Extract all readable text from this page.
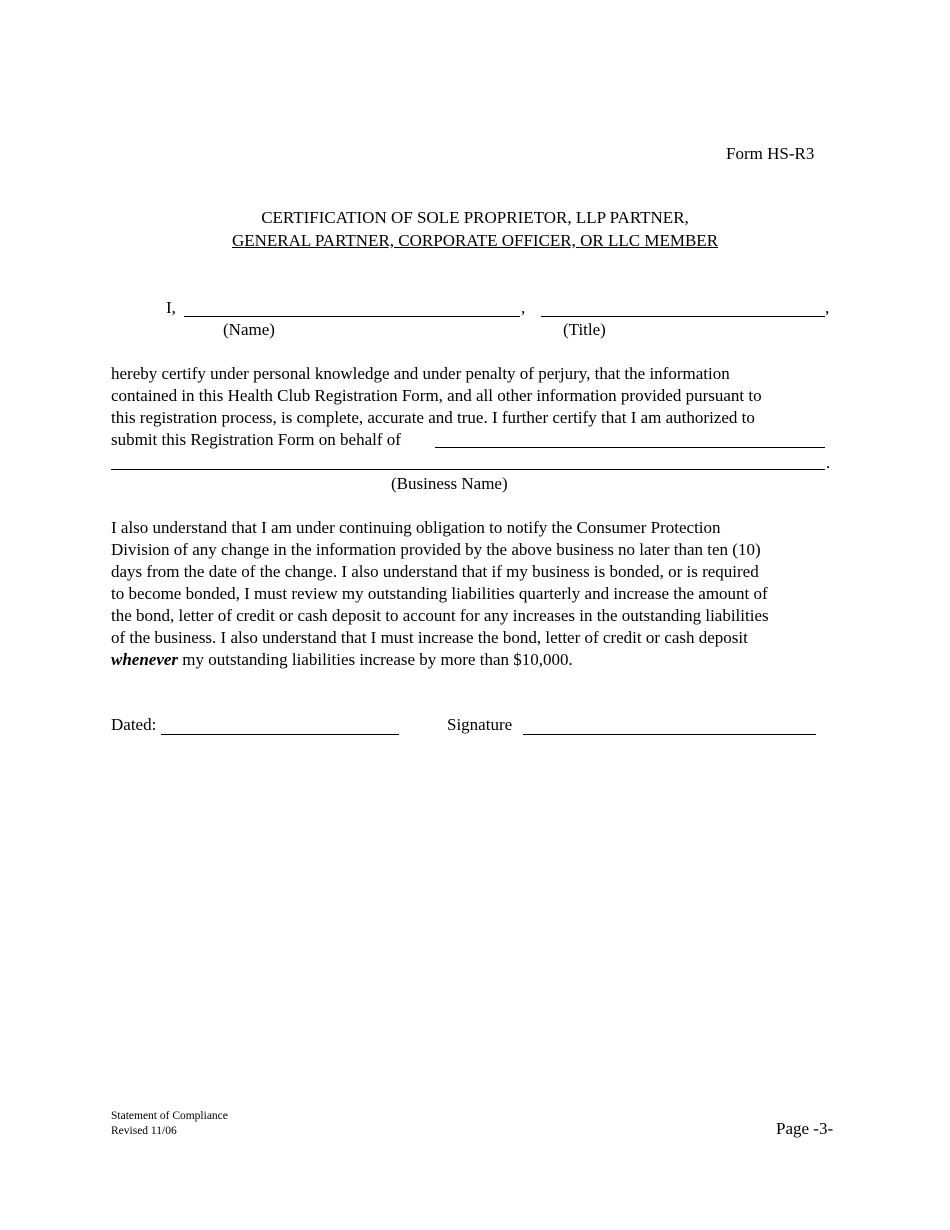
Form HS-R3
CERTIFICATION OF SOLE PROPRIETOR, LLP PARTNER,
GENERAL PARTNER, CORPORATE OFFICER, OR LLC MEMBER
I,	,	,
(Name)	(Title)
hereby certify under personal knowledge and under penalty of perjury, that the information
contained in this Health Club Registration Form, and all other information provided pursuant to
this registration process, is complete, accurate and true. I further certify that I am authorized to
submit this Registration Form on behalf of
.
(Business Name)
I also understand that I am under continuing obligation to notify the Consumer Protection
Division of any change in the information provided by the above business no later than ten (10)
days from the date of the change. I also understand that if my business is bonded, or is required
to become bonded, I must review my outstanding liabilities quarterly and increase the amount of
the bond, letter of credit or cash deposit to account for any increases in the outstanding liabilities
of the business. I also understand that I must increase the bond, letter of credit or cash deposit
whenever my outstanding liabilities increase by more than $10,000.
Dated:	Signature
Statement of Compliance
Revised 11/06	Page -3-
